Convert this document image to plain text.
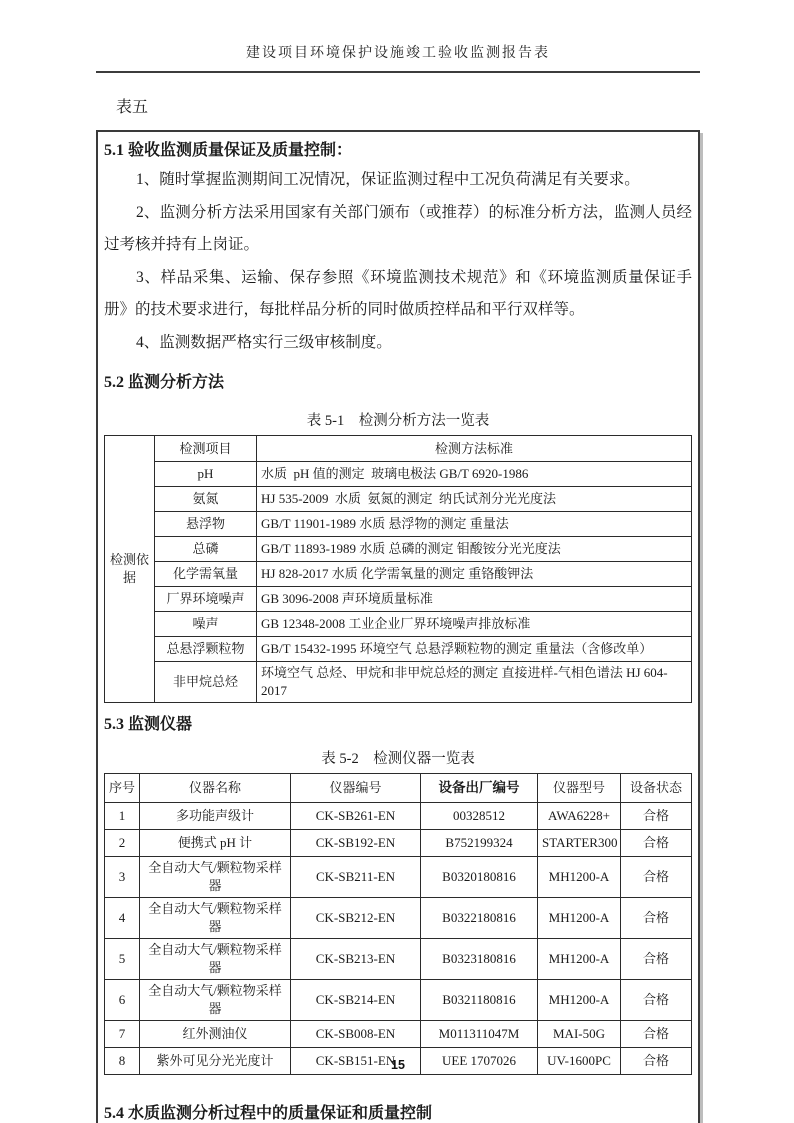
建设项目环境保护设施竣工验收监测报告表
表五
5.1 验收监测质量保证及质量控制：

1、随时掌握监测期间工况情况，保证监测过程中工况负荷满足有关要求。

2、监测分析方法采用国家有关部门颁布（或推荐）的标准分析方法，监测人员经过考核并持有上岗证。

3、样品采集、运输、保存参照《环境监测技术规范》和《环境监测质量保证手册》的技术要求进行，每批样品分析的同时做质控样品和平行双样等。

4、监测数据严格实行三级审核制度。

5.2 监测分析方法
表 5-1　检测分析方法一览表
检测依据	检测项目	检测方法标准
	pH	水质  pH 值的测定  玻璃电极法 GB/T 6920-1986
	氨氮	HJ 535-2009  水质  氨氮的测定  纳氏试剂分光光度法
	悬浮物	GB/T 11901-1989 水质 悬浮物的测定 重量法
	总磷	GB/T 11893-1989 水质 总磷的测定 钼酸铵分光光度法
	化学需氧量	HJ 828-2017 水质 化学需氧量的测定 重铬酸钾法
	厂界环境噪声	GB 3096-2008 声环境质量标准
	噪声	GB 12348-2008 工业企业厂界环境噪声排放标准
	总悬浮颗粒物	GB/T 15432-1995 环境空气 总悬浮颗粒物的测定 重量法（含修改单）
	非甲烷总烃	环境空气 总烃、甲烷和非甲烷总烃的测定 直接进样-气相色谱法 HJ 604-2017
5.3 监测仪器
表 5-2　检测仪器一览表
序号	仪器名称	仪器编号	设备出厂编号	仪器型号	设备状态
1	多功能声级计	CK-SB261-EN	00328512	AWA6228+	合格
2	便携式 pH 计	CK-SB192-EN	B752199324	STARTER300	合格
3	全自动大气/颗粒物采样器	CK-SB211-EN	B0320180816	MH1200-A	合格
4	全自动大气/颗粒物采样器	CK-SB212-EN	B0322180816	MH1200-A	合格
5	全自动大气/颗粒物采样器	CK-SB213-EN	B0323180816	MH1200-A	合格
6	全自动大气/颗粒物采样器	CK-SB214-EN	B0321180816	MH1200-A	合格
7	红外测油仪	CK-SB008-EN	M011311047M	MAI-50G	合格
8	紫外可见分光光度计	CK-SB151-EN	UEE 1707026	UV-1600PC	合格
5.4 水质监测分析过程中的质量保证和质量控制
15
